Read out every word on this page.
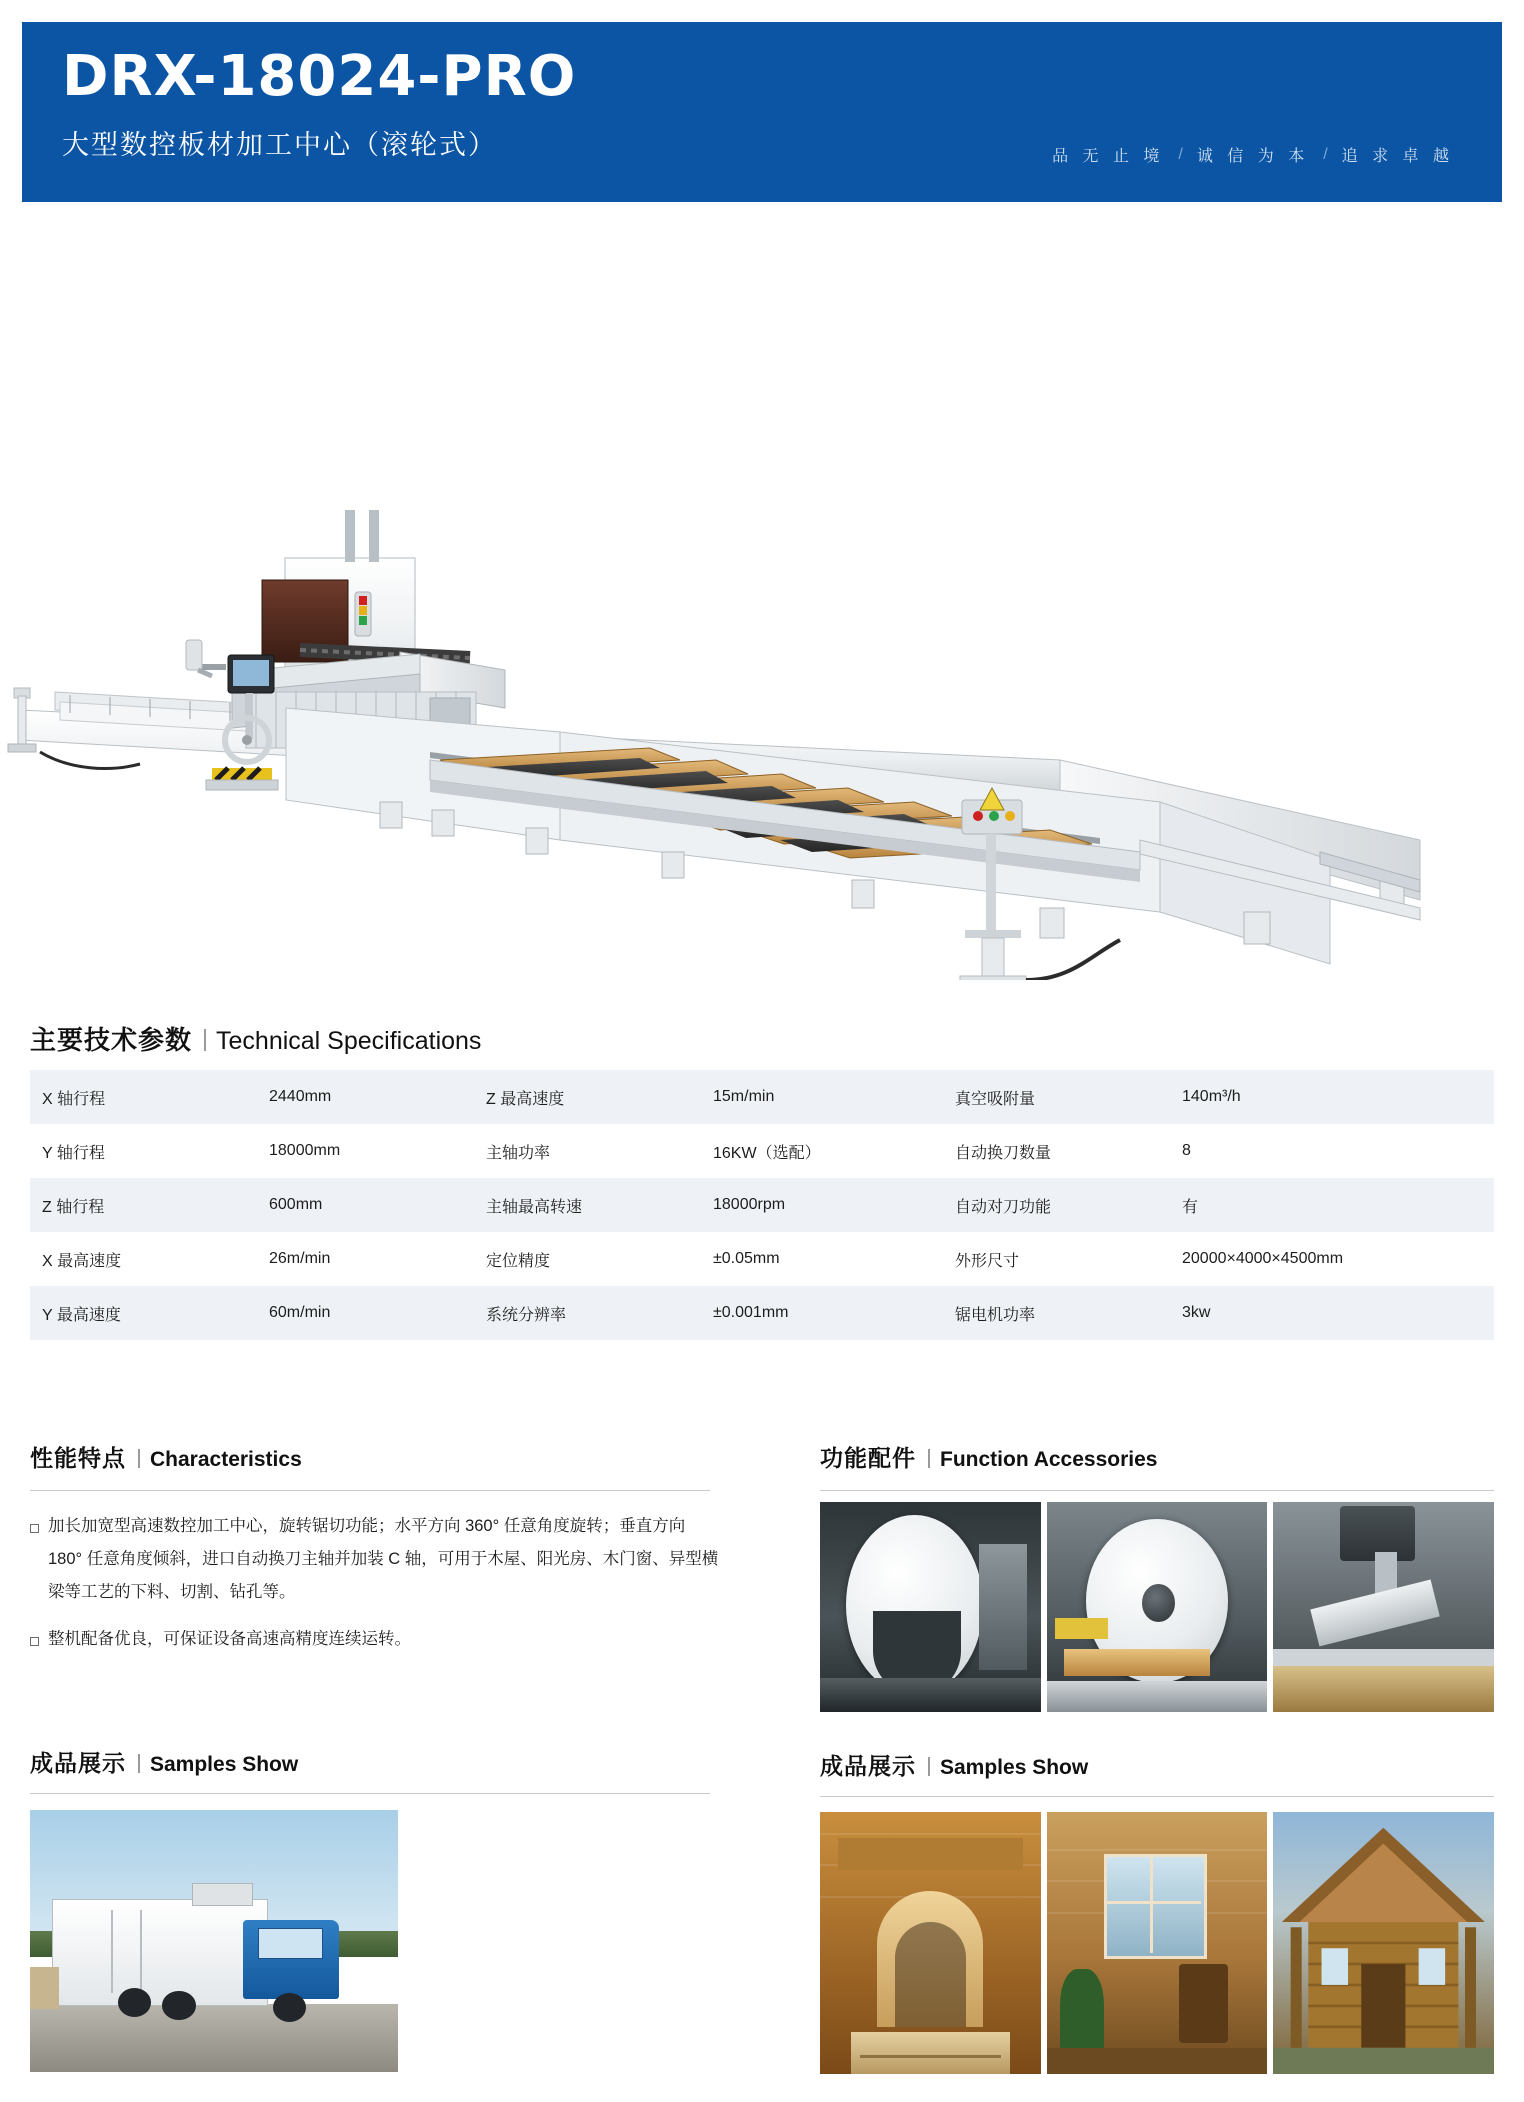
DRX-18024-PRO
大型数控板材加工中心（滚轮式）	品 无 止 境 / 诚 信 为 本 / 追 求 卓 越
主要技术参数 Technical Specifications
X 轴行程	2440mm	Z 最高速度	15m/min	真空吸附量	140m³/h
Y 轴行程	18000mm	主轴功率	16KW（选配）	自动换刀数量	8
Z 轴行程	600mm	主轴最高转速	18000rpm	自动对刀功能	有
X 最高速度	26m/min	定位精度	±0.05mm	外形尺寸	20000×4000×4500mm
Y 最高速度	60m/min	系统分辨率	±0.001mm	锯电机功率	3kw
性能特点 Characteristics
加长加宽型高速数控加工中心，旋转锯切功能；水平方向 360° 任意角度旋转；垂直方向 180° 任意角度倾斜，进口自动换刀主轴并加装 C 轴，可用于木屋、阳光房、木门窗、异型横梁等工艺的下料、切割、钻孔等。
整机配备优良，可保证设备高速高精度连续运转。
功能配件 Function Accessories
成品展示 Samples Show	成品展示 Samples Show
